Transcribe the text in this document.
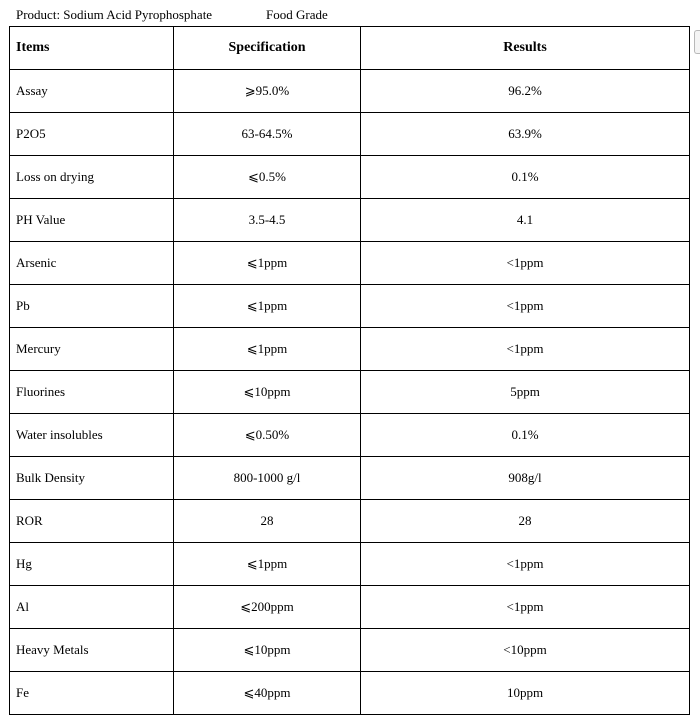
Product: Sodium Acid Pyrophosphate	Food Grade
Items	Specification	Results
Assay	⩾95.0%	96.2%
P2O5	63-64.5%	63.9%
Loss on drying	⩽0.5%	0.1%
PH Value	3.5-4.5	4.1
Arsenic	⩽1ppm	<1ppm
Pb	⩽1ppm	<1ppm
Mercury	⩽1ppm	<1ppm
Fluorines	⩽10ppm	5ppm
Water insolubles	⩽0.50%	0.1%
Bulk Density	800-1000 g/l	908g/l
ROR	28	28
Hg	⩽1ppm	<1ppm
Al	⩽200ppm	<1ppm
Heavy Metals	⩽10ppm	<10ppm
Fe	⩽40ppm	10ppm
